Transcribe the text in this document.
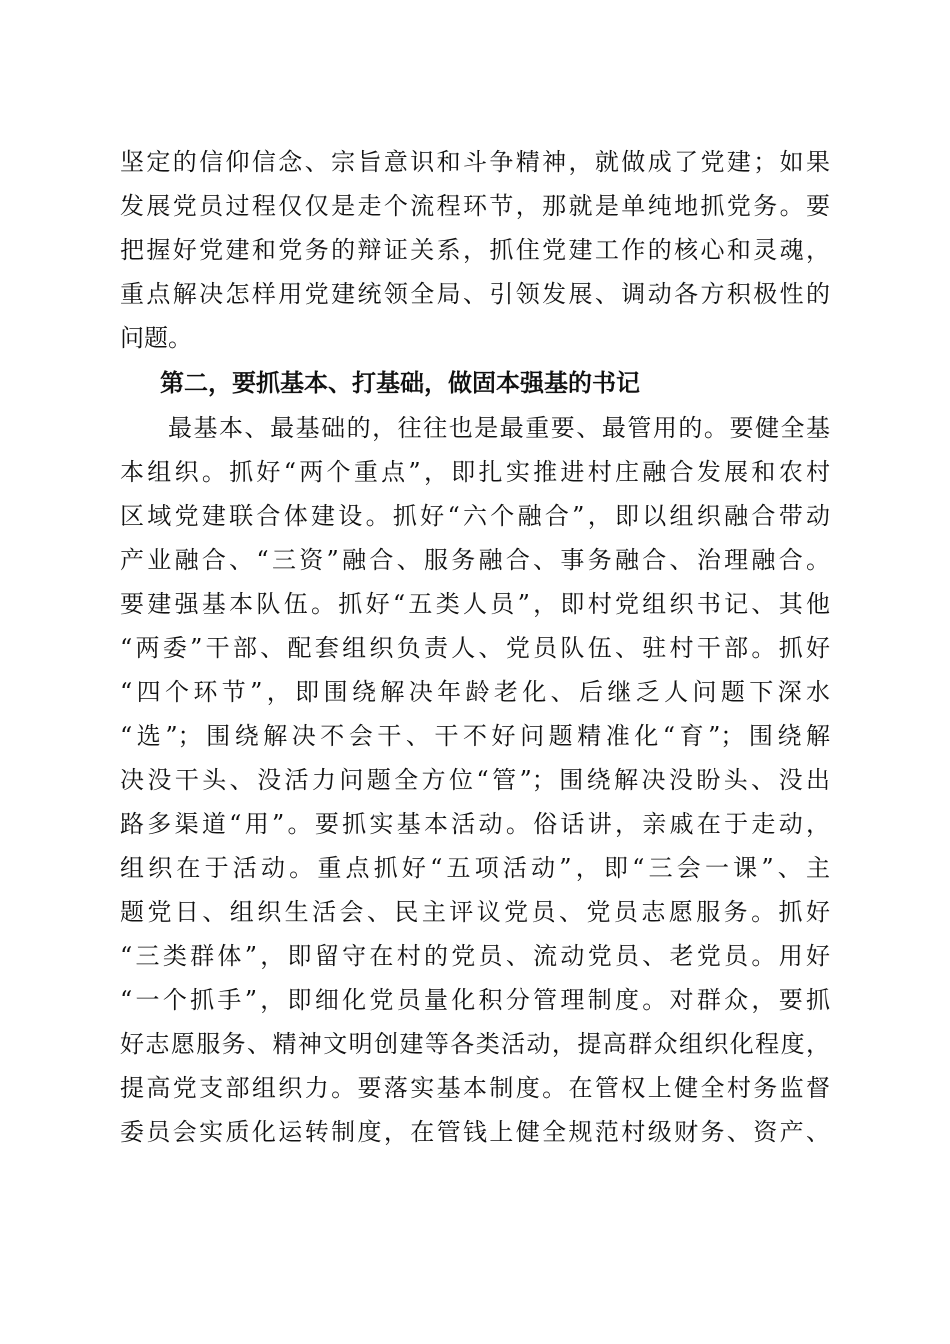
坚定的信仰信念、宗旨意识和斗争精神，就做成了党建；如果
发展党员过程仅仅是走个流程环节，那就是单纯地抓党务。要
把握好党建和党务的辩证关系，抓住党建工作的核心和灵魂，
重点解决怎样用党建统领全局、引领发展、调动各方积极性的
问题。
第二，要抓基本、打基础，做固本强基的书记
最基本、最基础的，往往也是最重要、最管用的。要健全基
本组织。抓好“两个重点”，即扎实推进村庄融合发展和农村
区域党建联合体建设。抓好“六个融合”，即以组织融合带动
产业融合、“三资”融合、服务融合、事务融合、治理融合。
要建强基本队伍。抓好“五类人员”，即村党组织书记、其他
“两委”干部、配套组织负责人、党员队伍、驻村干部。抓好
“四个环节”，即围绕解决年龄老化、后继乏人问题下深水
“选”；围绕解决不会干、干不好问题精准化“育”；围绕解
决没干头、没活力问题全方位“管”；围绕解决没盼头、没出
路多渠道“用”。要抓实基本活动。俗话讲，亲戚在于走动，
组织在于活动。重点抓好“五项活动”，即“三会一课”、主
题党日、组织生活会、民主评议党员、党员志愿服务。抓好
“三类群体”，即留守在村的党员、流动党员、老党员。用好
“一个抓手”，即细化党员量化积分管理制度。对群众，要抓
好志愿服务、精神文明创建等各类活动，提高群众组织化程度，
提高党支部组织力。要落实基本制度。在管权上健全村务监督
委员会实质化运转制度，在管钱上健全规范村级财务、资产、
